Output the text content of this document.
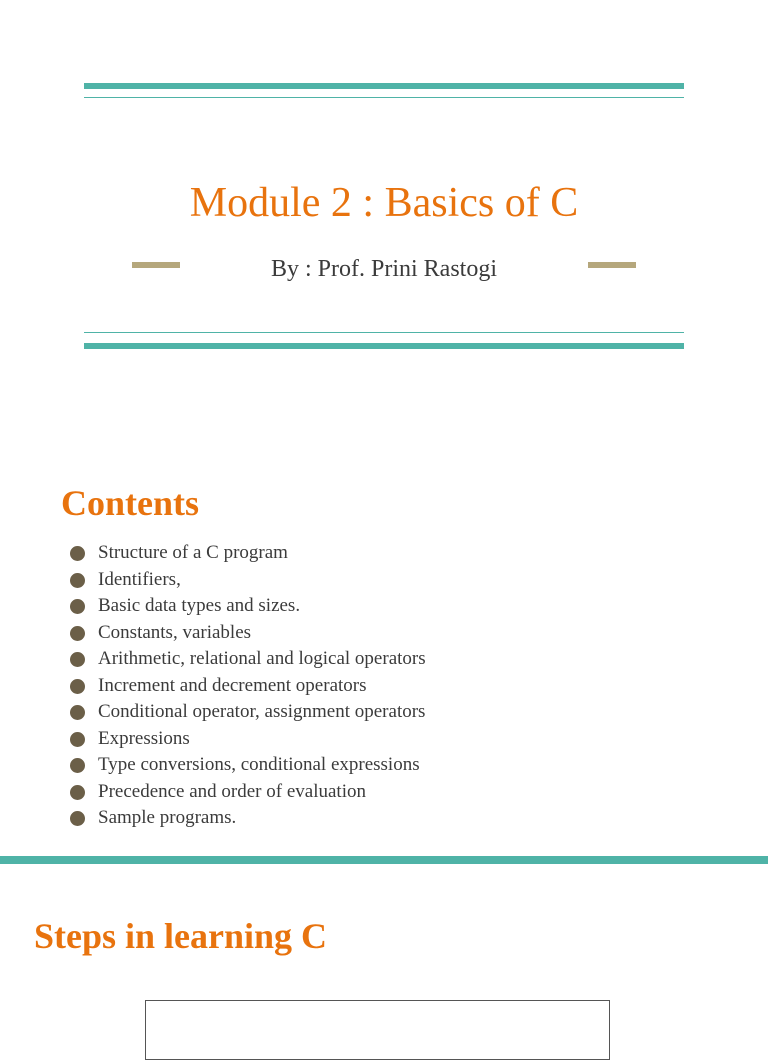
Module 2 : Basics of C
By : Prof. Prini Rastogi
Contents
Structure of a C program
Identifiers,
Basic data types and sizes.
Constants, variables
Arithmetic, relational and logical operators
Increment and decrement operators
Conditional operator, assignment operators
Expressions
Type conversions, conditional expressions
Precedence and order of evaluation
Sample programs.
Steps in learning C
